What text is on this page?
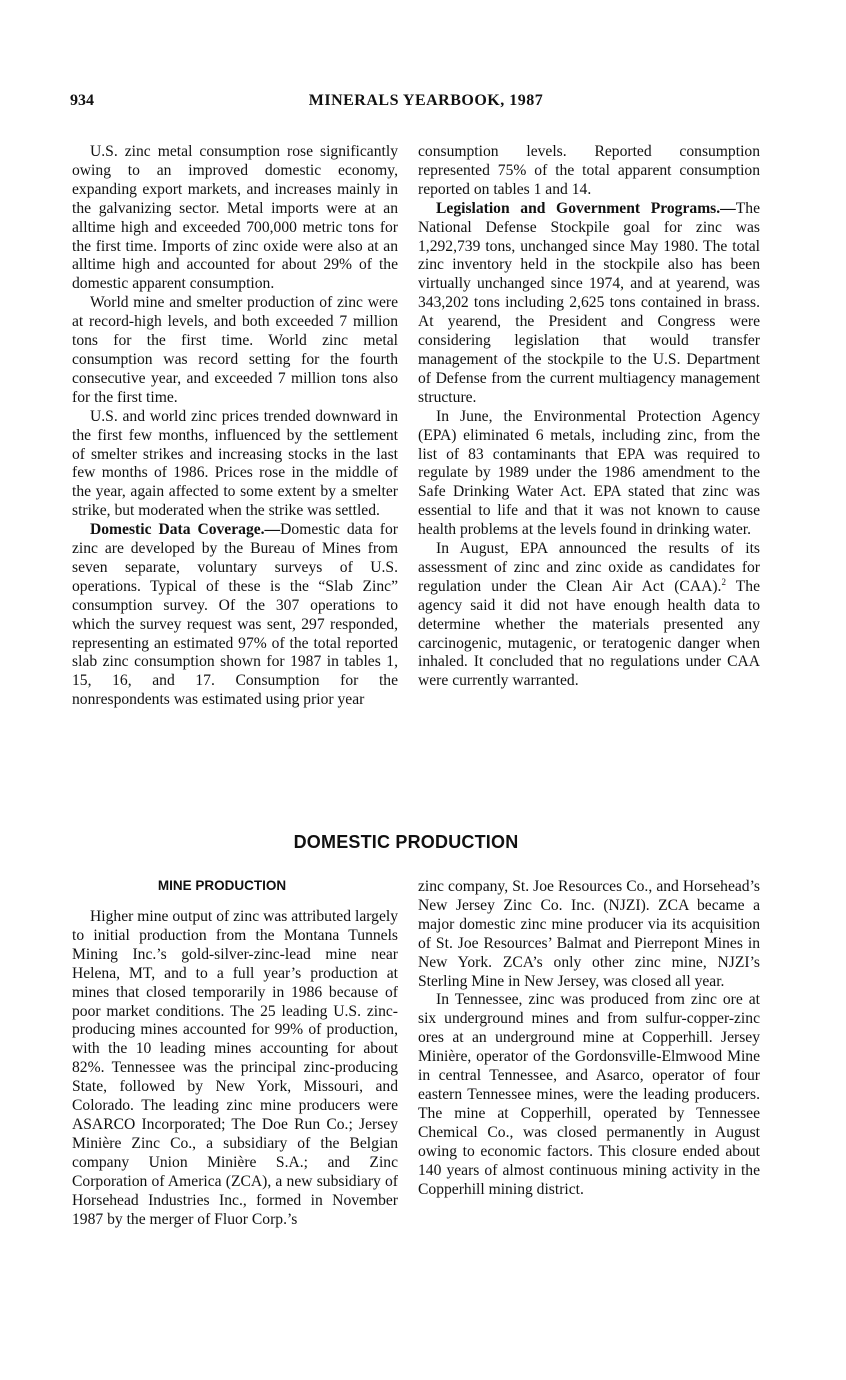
934	MINERALS YEARBOOK, 1987

U.S. zinc metal consumption rose significantly owing to an improved domestic economy, expanding export markets, and increases mainly in the galvanizing sector. Metal imports were at an alltime high and exceeded 700,000 metric tons for the first time. Imports of zinc oxide were also at an alltime high and accounted for about 29% of the domestic apparent consumption.

World mine and smelter production of zinc were at record-high levels, and both exceeded 7 million tons for the first time. World zinc metal consumption was record setting for the fourth consecutive year, and exceeded 7 million tons also for the first time.

U.S. and world zinc prices trended downward in the first few months, influenced by the settlement of smelter strikes and increasing stocks in the last few months of 1986. Prices rose in the middle of the year, again affected to some extent by a smelter strike, but moderated when the strike was settled.

Domestic Data Coverage.—Domestic data for zinc are developed by the Bureau of Mines from seven separate, voluntary surveys of U.S. operations. Typical of these is the “Slab Zinc” consumption survey. Of the 307 operations to which the survey request was sent, 297 responded, representing an estimated 97% of the total reported slab zinc consumption shown for 1987 in tables 1, 15, 16, and 17. Consumption for the nonrespondents was estimated using prior year

consumption levels. Reported consumption represented 75% of the total apparent consumption reported on tables 1 and 14.

Legislation and Government Programs.—The National Defense Stockpile goal for zinc was 1,292,739 tons, unchanged since May 1980. The total zinc inventory held in the stockpile also has been virtually unchanged since 1974, and at yearend, was 343,202 tons including 2,625 tons contained in brass. At yearend, the President and Congress were considering legislation that would transfer management of the stockpile to the U.S. Department of Defense from the current multiagency management structure.

In June, the Environmental Protection Agency (EPA) eliminated 6 metals, including zinc, from the list of 83 contaminants that EPA was required to regulate by 1989 under the 1986 amendment to the Safe Drinking Water Act. EPA stated that zinc was essential to life and that it was not known to cause health problems at the levels found in drinking water.

In August, EPA announced the results of its assessment of zinc and zinc oxide as candidates for regulation under the Clean Air Act (CAA).$^2$ The agency said it did not have enough health data to determine whether the materials presented any carcinogenic, mutagenic, or teratogenic danger when inhaled. It concluded that no regulations under CAA were currently warranted.

DOMESTIC PRODUCTION
MINE PRODUCTION

Higher mine output of zinc was attributed largely to initial production from the Montana Tunnels Mining Inc.’s gold-silver-zinc-lead mine near Helena, MT, and to a full year’s production at mines that closed temporarily in 1986 because of poor market conditions. The 25 leading U.S. zinc-producing mines accounted for 99% of production, with the 10 leading mines accounting for about 82%. Tennessee was the principal zinc-producing State, followed by New York, Missouri, and Colorado. The leading zinc mine producers were ASARCO Incorporated; The Doe Run Co.; Jersey Minière Zinc Co., a subsidiary of the Belgian company Union Minière S.A.; and Zinc Corporation of America (ZCA), a new subsidiary of Horsehead Industries Inc., formed in November 1987 by the merger of Fluor Corp.’s

zinc company, St. Joe Resources Co., and Horsehead’s New Jersey Zinc Co. Inc. (NJZI). ZCA became a major domestic zinc mine producer via its acquisition of St. Joe Resources’ Balmat and Pierrepont Mines in New York. ZCA’s only other zinc mine, NJZI’s Sterling Mine in New Jersey, was closed all year.

In Tennessee, zinc was produced from zinc ore at six underground mines and from sulfur-copper-zinc ores at an underground mine at Copperhill. Jersey Minière, operator of the Gordonsville-Elmwood Mine in central Tennessee, and Asarco, operator of four eastern Tennessee mines, were the leading producers. The mine at Copperhill, operated by Tennessee Chemical Co., was closed permanently in August owing to economic factors. This closure ended about 140 years of almost continuous mining activity in the Copperhill mining district.
